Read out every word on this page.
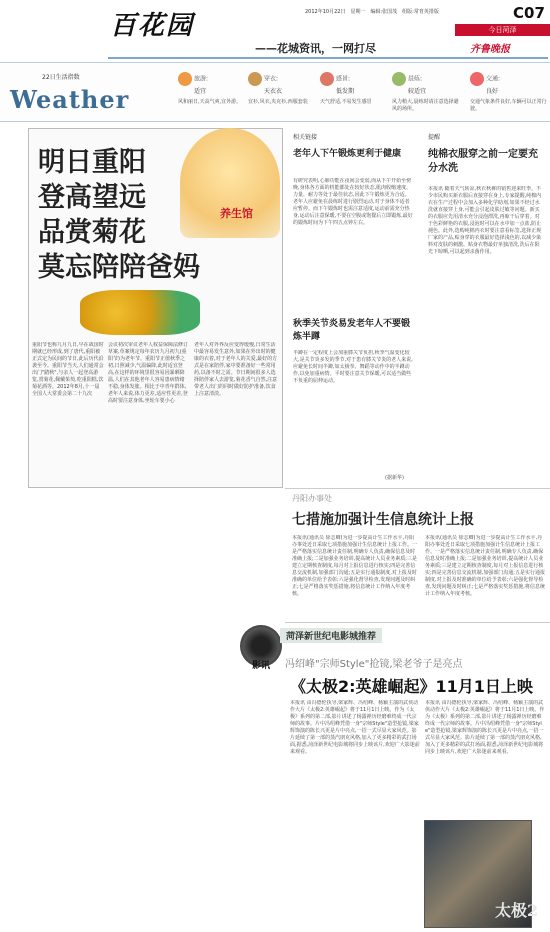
百花园
——花城资讯，一网打尽
2012年10月22日　星期一　编辑:张国茂　组版:常育英排版	C07
今日菏泽
齐鲁晚报
22日生活指数
Weather
旅游:
适宜
风和丽日,天高气爽,宜外游。
穿衣:
天衣衣
宜衫,风衣,夹克衫,西服套装
感冒:
低发期
天气舒适,不易发生感冒
晨练:
较适宜
风力稍大,晨练时请注意选择避风的场所。
交通:
良好
交通气象条件良好,车辆可以正常行驶。
养生馆
明日重阳
登高望远
品赏菊花
莫忘陪陪爸妈
重阳节也称九月九日,早在战国时期就已经形成,到了唐代,重阳被正式定为民间的节日,此后历代沿袭至今。重阳节当天,人们通常会出门"踏秋",与亲人一起登高游览,赏菊花,佩戴茱萸,吃重阳糕,饮菊花酒等。2012年8月,十一届全国人大常委会第二十九次
会议初次审议老年人权益保障法修订草案,草案规定每年农历九月初九(重阳节)为老年节。重阳节正值秋季之初,日照减少,气温偏降,此时适宜登高,在这样的环境里很容易因暴晒降温,人们在其他老年人容易患病情绪不稳,身体发胀。相比于中青年群体,老年人来说,体力更差,适应性更差,登高时要注意身体,坐轮车要小心
老年人对外界反应变得缓慢,日常生活中最容易发生意外,如果在外出时的健康的衣着,对于老年人的关爱,最好的方式是在家陪伴,家中要准备好一些常用药,以备不时之需。节日期间很多人选择陪伴家人去游览,菊花香气自然,注意带老人出门的同时做好防护准备,饮食上注意清淡。
相关链接
老年人下午锻炼更利于健康
有研究表明,心肺功能在夜间会变弱,而从下午开始至傍晚,身体各方面的机能都处在较好状态,肌肉收缩速度、力量、耐力等处于最佳状态,因此下午锻炼更为合适。老年人应避免在晨练时进行剧烈运动,对于身体不适者应暂停。而下午锻炼时也需注意适度,运动前需充分热身,运动后注意保暖,不要在空腹或饱餐后立即锻炼,最好的锻炼时间为下午四五点钟左右。
秋季关节炎易发老年人不要锻炼半蹲
半蹲在一定程度上会加重膝关节负担,秋季气温变化较大,是关节炎多发的季节,对于患有膝关节炎的老人来说,应避免长时间半蹲,如太极拳、舞蹈等动作中的半蹲动作,以免加重病情。平时要注意关节保暖,可以适当做些不负重的屈伸运动。
(据新华)
提醒
纯棉衣服穿之前一定要充分水洗
本报讯 随着天气转凉,秋衣秋裤的销售迎来旺季。不少市民购买新衣服后直接穿在身上,专家提醒,纯棉内衣在生产过程中会加入多种化学助剂,如果不经过水洗就直接穿上身,可能会引起皮肤过敏等问题。新买的衣服应先用清水充分浸泡漂洗,再晾干后穿着。对于色彩鲜艳的衣服,浸泡时可以在水中加一点盐,防止褪色。此外,选购纯棉内衣时要注意看标签,选择正规厂家的产品,贴身穿的衣服最好选择浅色的,以减少染料对皮肤的刺激。贴身衣物最好单独清洗,洗后在阳光下晾晒,可以起到杀菌作用。
丹阳办事处
七措施加强计生信息统计上报
本报讯(通讯员 徐志卿)为进一步提高计生工作水平,丹阳办事处近日采取七项措施加强计生信息统计上报工作。一是严格落实信息统计责任制,明确专人负责,确保信息及时准确上报;二是加强业务培训,提高统计人员业务素质;三是建立定期核查制度,每月对上报信息进行核实;四是完善信息交流机制,加强部门沟通;五是实行通报制度,对上报及时准确的单位给予表彰;六是强化督导检查,发现问题及时纠正;七是严格落实奖惩措施,将信息统计工作纳入年度考核。
本报讯(通讯员 徐志卿)为进一步提高计生工作水平,丹阳办事处近日采取七项措施加强计生信息统计上报工作。一是严格落实信息统计责任制,明确专人负责,确保信息及时准确上报;二是加强业务培训,提高统计人员业务素质;三是建立定期核查制度,每月对上报信息进行核实;四是完善信息交流机制,加强部门沟通;五是实行通报制度,对上报及时准确的单位给予表彰;六是强化督导检查,发现问题及时纠正;七是严格落实奖惩措施,将信息统计工作纳入年度考核。
影讯
菏泽新世纪电影城推荐
冯绍峰"宗师Style"抢镜,梁老爷子是亮点
《太极2:英雄崛起》11月1日上映
本报讯 由冯德伦执导,梁家辉、冯绍峰、杨颖主演的武侠动作大片《太极2:英雄崛起》将于11月1日上映。作为《太极》系列的第二部,影片讲述了杨露禅历经磨难终成一代宗师的故事。片中冯绍峰凭借一身"宗师Style"造型抢镜,梁家辉饰演的陈长兴更是片中亮点,一招一式尽显大家风范。影片延续了第一部的蒸汽朋克风格,加入了更多精彩的武打场面,据悉,菏泽新世纪电影城将同步上映该片,欢迎广大影迷前来观看。
本报讯 由冯德伦执导,梁家辉、冯绍峰、杨颖主演的武侠动作大片《太极2:英雄崛起》将于11月1日上映。作为《太极》系列的第二部,影片讲述了杨露禅历经磨难终成一代宗师的故事。片中冯绍峰凭借一身"宗师Style"造型抢镜,梁家辉饰演的陈长兴更是片中亮点,一招一式尽显大家风范。影片延续了第一部的蒸汽朋克风格,加入了更多精彩的武打场面,据悉,菏泽新世纪电影城将同步上映该片,欢迎广大影迷前来观看。
太极2
